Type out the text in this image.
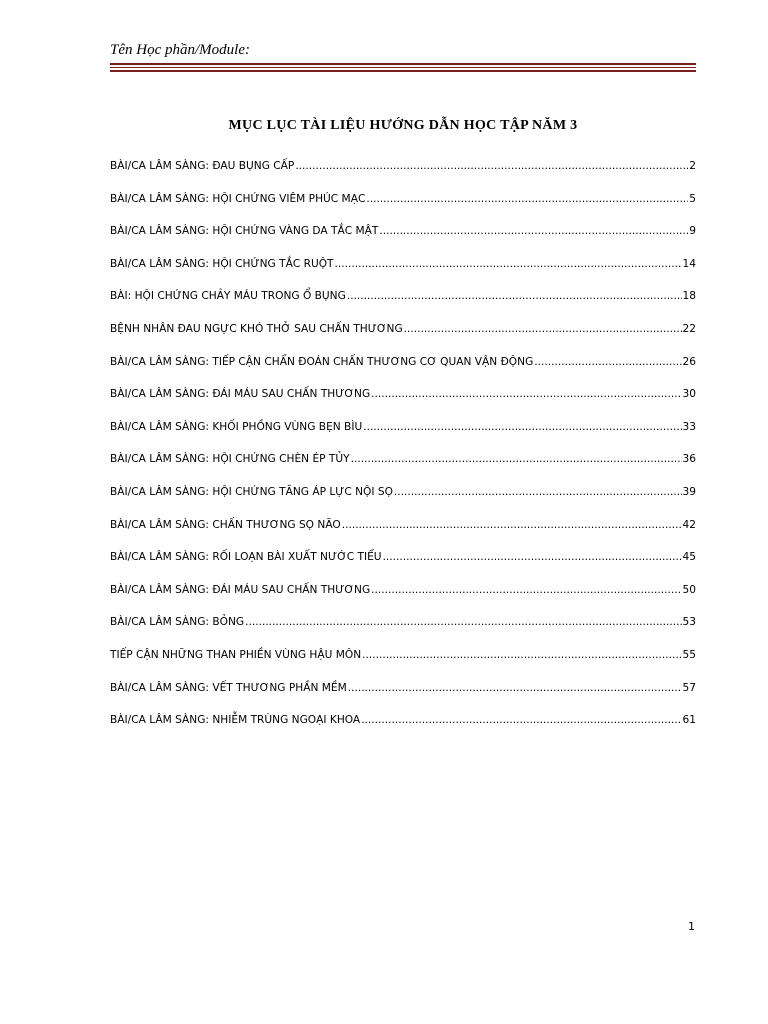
Tên Học phần/Module:
MỤC LỤC TÀI LIỆU HƯỚNG DẪN HỌC TẬP NĂM 3
BÀI/CA LÂM SÀNG: ĐAU BỤNG CẤP .....	2
BÀI/CA LÂM SÀNG: HỘI CHỨNG VIÊM PHÚC MẠC .....	5
BÀI/CA LÂM SÀNG: HỘI CHỨNG VÀNG DA TẮC MẬT .....	9
BÀI/CA LÂM SÀNG: HỘI CHỨNG TẮC RUỘT .....	14
BÀI: HỘI CHỨNG CHẢY MÁU TRONG Ổ BỤNG .....	18
BỆNH NHÂN ĐAU NGỰC KHÓ THỞ SAU CHẤN THƯƠNG .....	22
BÀI/CA LÂM SÀNG: TIẾP CẬN CHẨN ĐOÁN CHẤN THƯƠNG CƠ QUAN VẬN ĐỘNG .....	26
BÀI/CA LÂM SÀNG: ĐÁI MÁU SAU CHẤN THƯƠNG .....	30
BÀI/CA LÂM SÀNG: KHỐI PHỒNG VÙNG BẸN BÌU .....	33
BÀI/CA LÂM SÀNG: HỘI CHỨNG CHÈN ÉP TỦY .....	36
BÀI/CA LÂM SÀNG: HỘI CHỨNG TĂNG ÁP LỰC NỘI SỌ .....	39
BÀI/CA LÂM SÀNG: CHẤN THƯƠNG SỌ NÃO .....	42
BÀI/CA LÂM SÀNG: RỐI LOẠN BÀI XUẤT NƯỚC TIỂU .....	45
BÀI/CA LÂM SÀNG: ĐÁI MÁU SAU CHẤN THƯƠNG .....	50
BÀI/CA LÂM SÀNG: BỎNG .....	53
TIẾP CẬN NHỮNG THAN PHIỀN VÙNG HẬU MÔN .....	55
BÀI/CA LÂM SÀNG: VẾT THƯƠNG PHẦN MỀM .....	57
BÀI/CA LÂM SÀNG: NHIỄM TRÙNG NGOẠI KHOA .....	61
1
